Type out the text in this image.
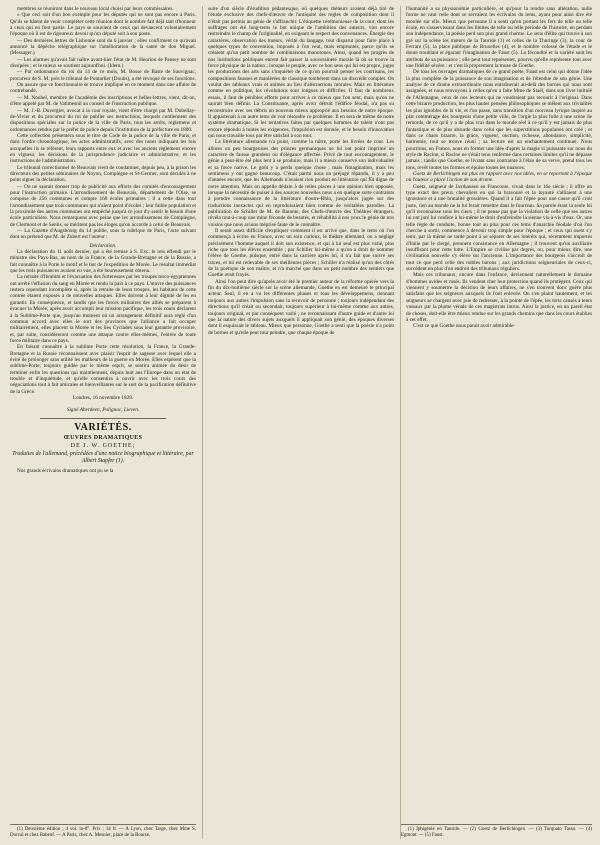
membres se réuniront dans le nouveau local choisi par leurs commissaires.

« Que ceci soit d'un bon exemple pour les députés qui ne sont pas encore à Paris. Qu'ils se hâtent de venir compléter cette réunion dont le nombre fait déjà tant d'honneur à ceux qui en font partie. Le pays se souvient de ceux qui devancent volontairement l'époque où il est de rigoureux devoir qu'un député soit à son poste.

— Des dernières lettres de Lisbonne sont du 6 janvier ; elles confirment ce qu'avait annoncé la dépêche télégraphique sur l'amélioration de la santé de don Miguel. (Messager.)

— Les alarmes qu'avait fait naître avant-hier l'état de M. Henrion de Pansey ne sont dissipées ; et le mieux se soutient aujourd'hui. (Idem.)

— Par ordonnance du roi du 14 de ce mois, M. Bosse de Baste de Sauvignac, procureur de S. M. près le tribunal de Pontarlier (Doubs), a été révoqué de ses fonctions.

On assure que ce fonctionnaire se trouve impliqué en ce moment dans une affaire de contrebande.

— M. Nouhel, membre de l'académie des inscriptions et belles-lettres, vient, dit-on, d'être appelé par M. de Vatimesnil au conseil de l'instruction publique.

— M. J.-B. Duvergier, avocat à la cour royale, vient d'être chargé par M. Dubellay-de-Vivier et du procureur du roi de publier ses instructions, lesquels contiennent des dispositions spéciales sur la police de la ville de Paris, tous les arrêts, règlemens et ordonnances rendus par le préfet de police depuis l'institution de la préfecture en 1800.

Cette collection présentera sous le titre de Code de la police de la ville de Paris, et dans l'ordre chronologique, les actes administratifs, avec des notes indiquant les lois auxquelles ils se réfèrent, leurs rapports entre eux et avec les anciens règlemens encore en vigueur, les décisions de la jurisprudence judiciaire et administrative, et les instructions de l'administration.

Le tribunal correctionnel de Beauvais vient de condamner, depuis peu, à la prison les directeurs des petites séminaires de Noyon, Compiègne et St-Germer, sont décidés à ne point signer la déclaration.

— On ne saurait donner trop de publicité aux efforts des comités d'encouragement pour l'instruction primaire. L'arrondissement de Beauvais, département de l'Oise, se compose de 256 communes et compte 160 écoles primaires ; il a cette dans tout l'arrondissement que trois communes qui n'aient point d'écoles ; leur faible population et la proximité des autres communes ont empêché jusqu'à ce jour d'y sentir le besoin d'une école particulière. Nous remarquons avec peine que les arrondissemens de Compiègne, de Clermont et de Senlis, se méritent pas les éloges qu'on accorde à celui de Beauvais.

— La Gazette d'Augsbourg du 14 publie, sous la rubrique de Paris, l'acte suivant dont on prétend que M. de Zubert est l'auteur :

Déclaration.

La déclaration du 11 août dernier, qui a été remise à S. Exc. le reis effendi par le ministre des Pays-Bas, au nom de la France, de la Grande-Bretagne et de la Russie, a fait connaître à la Porte le motif et le but de l'expédition de Morée. Le résultat immédiat que les trois puissances avaient en vue, a été heureusement obtenu.

La retraite d'Ibrahim et l'évacuation des forteresses par les troupes turco-égyptiennes ont arrêté l'effusion du sang en Morée et rendu la paix à ce pays. L'œuvre des puissances restera cependant incomplète si, après la retraite de leurs troupes, les habitans de cette contrée étaient exposés à de nouvelles attaques. Elles doivent à leur dignité de les en garantir. En conséquence, et tandis que les forces militaires des alliés se préparent à évacuer la Morée, après avoir accompli leur mission pacifique, les trois cours déclarent à la Sublime-Porte que, jusqu'au moment où un arrangement définitif aura réglé d'un commun accord avec elles le sort des provinces que l'alliance a fait occuper militairement, elles placent la Morée et les îles Cyclades sous leur garantie provisoire, et, par suite, considéreront comme une attaque contre elles-mêmes, l'entrée de toute force militaire dans ce pays.

En faisant connaître à la sublime Porte cette résolution, la France, la Grande-Bretagne et la Russie reconnaissent avec plaisir l'esprit de sagesse avec lequel elle a évité de prolonger sans utilité les malheurs de la guerre en Morée. Elles espèrent que la sublime-Porte, toujours guidée par le même esprit, se sentira animée du désir de terminer enfin les questions qui maintiennent, depuis huit ans l'Europe dans un état de trouble et d'inquiétude, et qu'elle consentira à ouvrir avec les trois cours des négociations tout à fait amicales et bienveillantes sur le sort de la pacification définitive de la Grèce.

Londres, 16 novembre 1828.

Signé Aberdeen, Polignac, Lieven.

VARIÉTÉS.
ŒUVRES DRAMATIQUES
DE J. W. GOETHE;
Traduites de l'allemand, précédées d'une notice biographique et littéraire, par Albert Stapfer (1).

Nos grands écrivains dramatiques ont pu se la

(1) Deuxième édition ; 4 vol. in-8°. Prix : 14 fr. — A Lyon, chez Targe, chez Mme S. Durval et chez Babeuf. — A Paris, chez A. Mesnier, place de la Bourse.

suite d'un siècle d'érudition pédantesque, où quelques rhéteurs avaient déjà tiré de l'étude exclusive des chefs-d'œuvre de l'antiquité des règles de composition dont il n'était pas permis au génie de s'affranchir. L'étiquette cérémonieuse de la cour, dont les suffrages ont été long-tems le but unique de l'ambition des auteurs, vint encore restreindre le champ de l'originalité, en exigeant le respect des convenances. Énergie des caractères, observation des mœurs, vérité du langage, tout disparut pour faire place à quelques types de convention, imposés à l'on veut, mais empruntés, parce qu'ils se créaient qu'un petit nombre de combinaisons monotones. Ainsi, quand les progrès de nos institutions politiques eurent fait passer la souveraineté morale là où se trouve la force physique de la nation ; lorsque le peuple, avec ce bon sens qui lui est propre, juges les productions des arts sans s'inquiéter de ce qu'on pourrait penser les courtisans, les compositions fausses et maniérées de classique tombèrent dans un discrédit complet. On voulut des tableaux vrais et animés au lieu d'abstractions morales. Mais en littérature comme en politique, les révolutions sont longues et difficiles. Il faut de nombreux essais, il faut de pénibles efforts pour arriver à ce mieux que l'on sent, mais qu'on ne saurait bien définir. La Constituante, après avoir détruit l'édifice féodal, n'a pas su reconstruire avec ses débris un nouveau mieux approprié aux besoins de notre époque. Il appartenait à un autre tems de voir résoudre ce problème. Il en sera de même de notre système dramatique. Si les tentatives faites par quelques hommes de talent n'ont pas encore répondu à toutes les exigences, l'impulsion est donnée, et le besoin d'innovation qui nous travaille tous par être satisfait à son tour.

La littérature allemande n'a point, comme la nôtre, porté les livrées de cour. Les allures un peu bourgeoises des princes germaniques ne lui ont point imprimé un caractère de fausse grandeur ou d'élégance affectée. Privé de tout encouragement, le génie a peut-être été plus lent à se produire, mais il a mieux conservé son individualité et sa force native. Le goût y a perdu quelque chose ; mais l'imagination, mais les sentimens y ont gagné beaucoup. C'était parmi nous un préjugé répandu, il y a peu d'années encore, que les Allemands n'avaient rien produit en littérature qui fût digne de notre attention. Mais on appelle dédain à de telles places à une opinion bien opposée, lorsque la nécessité de puiser à des sources nouvelles nous a en quelque sorte contraints à prendre connaissance de la littérature d'outre-Rhin, jusqu'alors jugée sur des traductions inexactes qui en reproduisaient bien comme de véritables parodies. La publication de Schiller de M. de Barante, des Chefs-d'œuvre des Théâtres étrangers, révéla tout-à-coup une mine féconde de beautés, et réhabilita à nos yeux le génie de nos voisins que nous avions méprisé faute de le connaître.

Il serait assez difficile d'expliquer comment il est arrivé que, dans le tems où l'on commença à écrire en France, avec un soin curieux, le théâtre allemand, on a négligé précisément l'homme auquel il doit son existence, et qui à lui seul est plus varié, plus riche que tous les élèves ensemble ; par Schiller lui-même a qu'on a droit de nommer l'élève de Goethe, puisque, entré dans la carrière après lui, il n'a fait que suivre ses traces, et lui est redevable de ses meilleures pièces ; Schiller n'a réalisé qu'un des côtés de la poétique de son maître, et n'a marché que dans un petit nombre des sentiers que Goethe avait frayés.

Ainsi l'on peut dire qu'après avoir été le premier auteur de la réforme opérée vers la fin du dix-huitième siècle sur la scène allemande, Goethe en est demeuré le principal acteur. Seul, il en a vu les différentes phases et tous les développemens, donnant toujours aux autres l'impulsion sans la recevoir de personne ; toujours indépendant des directions qu'il créait ou secondait, toujours supérieur à lui-même comme aux autres, toujours original, et par conséquent varié ; ne reconnaissant d'autre guide et d'autre loi que la nature des divers sujets auxquels il appliquait son génie, des époques diverses dont il esquissait le tableau. Mieux que personne, Goethe a senti que la poésie n'a point de bornes et qu'elle peut tout peindre, que chaque époque de

l'humanité a sa physionomie particulière, et qu'pour la rendre sans altération, nulle forme ne vaut celle dont se servaient les écrivains du tems, ayant pour ainsi dire été moulée sur elle. Mieux que personne il a senti qu'en portant les fers de telle ou telle école, en s'asservissant dans les limites de telle ou telle période de l'histoire, en perdant son indépendance, la poésie perd son plus grand charme. Le sens d'élite qui trouve à son gré sur la scène les mœurs de la Tauride (1) et celles de la Thuringe (3), la cour de Ferrare (5), la place publique de Bruxelles (4), et le nombre colossé de l'étude et le doute troublant et égarant l'imagination de Faust (5). La fécondité et la variété sont les attributs de sa puissance ; elle peut tout représenter, pourvu qu'elle représente tout avec une fidélité sévère : et c'est là proprement la muse de Goethe.

De tous les ouvrages dramatiques de ce grand poète, Faust est celui qui donne l'idée la plus complète de la puissance de son imagination et de l'étendue de son génie. Une analyse de ce drame extraordinaire nous entraînerait au-delà des bornes qui nous sont assignées, et nous renvoyons à celles qu'en a faite Mme de Staël, dans son livre intitulé de l'Allemagne, ceux de nos lecteurs qui ne voudraient pas recourir à l'original. Dans cette bizarre production, les plus hautes pensées philosophiques se mêlent aux trivialités les plus ignobles de la vie, et l'on passe, sans transition d'un morceau lyrique inspiré au plat commérage des bourgeois d'une petite ville, de l'orgie la plus folle à une scène de remords, de ce qu'il y a de plus vrai dans le monde réel à ce qu'il y est jamais de plus fantastique et de plus absurde dans celui que les superstitions populaires ont créé ; et dans ce chaos bizarre, la grâce, vigueur, onction, richesse, abondance, simplicité, harmonie, tout se trouve réuni ; sa lecture est un enchantement continuel. Nous pourrions, en France, nous en former une idée d'après la magie si puissante sur nous du style de Racine, si Racine ne s'était tenu renfermé dans certaines limites qu'il ne dépasse jamais ; tandis que Goethe, se livrant sans contrainte à l'élan de sa verve, prend tous les tons, revêt toutes les formes et épuise toutes les nuances.

Goetz de Berlichingen est plus en rapport avec nos idées, en se reportant à l'époque où l'auteur a placé l'action de son drame.

Goetz, seigneur de Jaxthausen en Franconie, vivait dans le 16e siècle ; il offre un type exact des preux chevaliers en qui la bravoure et la loyauté s'alliaient à une ignorance et à une brutalité grossières. Quand il a fait l'épée pour une cause qu'il croit juste, rien au monde ne la lui ferait remettre dans le fourreau. Sa parole étant la seule loi qu'il reconnaisse sous les cieux ; il ne pense pas que la violation de celle que ses autres lui ont juré lui confère à lui-même le droit d'enfreindre la sienne vis-à-vis d'eux. Or, une telle règle de conduite, bonne tout au plus pour ces tems d'anarchie féodale d'où l'on cherche à sortir, commence à devenir trop simple pour l'époque ; et ceux qui osent s'y tenir, par là même ne tarde point à se séparer de ses intérêts qui, récemment importés d'Italie par le clergé, prennent consistance en Allemagne ; il trouvent qu'un auxiliaire insuffisant pour cette lutte. L'Empire se civilise par degrés, ou, pour mieux dire, une civilisation nouvelle s'y élève sur l'ancienne. L'importance des bourgeois s'accroît de tout ce que perd celle des nobles barons ; aux juridictions seigneuriales de ceux-ci, succèdent en plus d'un endroit des tribunaux réguliers.

Mais ces tribunaux, encore dans l'enfance, deviennent naturellement le domaine d'hommes avides et rusés. Ils vendent cher leur protection quand ils protègent. Ceux qui viennent y soumettre la décision de leurs affaires, ne s'en trouvent donc guère plus satisfaits que les seigneurs auxquels ils l'ont enlevée. On s'en plaint hautement, et les seigneurs se chargent avec joie de redresser, à la pointe de l'épée, les torts causés à leurs vassaux par la plume vénale de ces magistrats intrus. Ainsi la justice, en un pareil état de choses, doit-elle être mieux rendue sur les grands chemins que dans les cours établies à cet effet.

C'est ce que Goethe nous parait avoir admirable-

(1) Iphigénie en Tauride. — (2) Goetz de Berlichingen. — (3) Torquato Tasso. — (4) Egmont. — (5) Faust.
